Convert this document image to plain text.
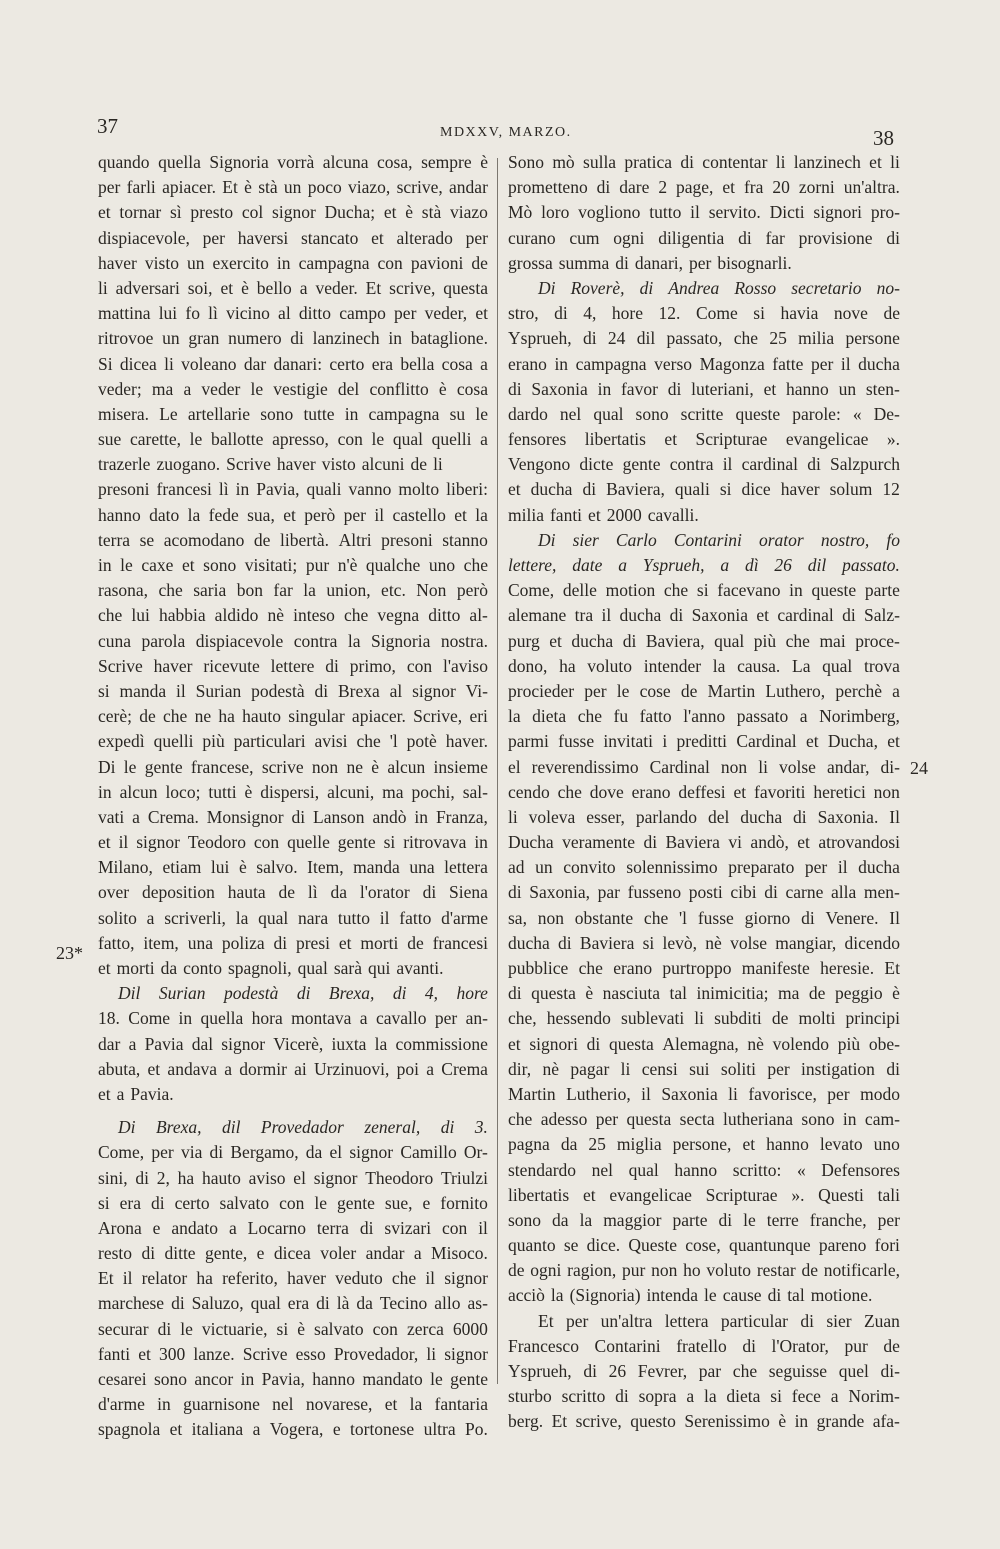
37	MDXXV, MARZO.	38
23*
24
quando quella Signoria vorrà alcuna cosa, sempre è
per farli apiacer. Et è stà un poco viazo, scrive, andar
et tornar sì presto col signor Ducha; et è stà viazo
dispiacevole, per haversi stancato et alterado per
haver visto un exercito in campagna con pavioni de
li adversari soi, et è bello a veder. Et scrive, questa
mattina lui fo lì vicino al ditto campo per veder, et
ritrovoe un gran numero di lanzinech in bataglione.
Si dicea li voleano dar danari: certo era bella cosa a
veder; ma a veder le vestigie del conflitto è cosa
misera. Le artellarie sono tutte in campagna su le
sue carette, le ballotte apresso, con le qual quelli a
trazerle zuogano. Scrive haver visto alcuni de li
presoni francesi lì in Pavia, quali vanno molto liberi:
hanno dato la fede sua, et però per il castello et la
terra se acomodano de libertà. Altri presoni stanno
in le caxe et sono visitati; pur n'è qualche uno che
rasona, che saria bon far la union, etc. Non però
che lui habbia aldido nè inteso che vegna ditto al-
cuna parola dispiacevole contra la Signoria nostra.
Scrive haver ricevute lettere di primo, con l'aviso
si manda il Surian podestà di Brexa al signor Vi-
cerè; de che ne ha hauto singular apiacer. Scrive, eri
expedì quelli più particulari avisi che 'l potè haver.
Di le gente francese, scrive non ne è alcun insieme
in alcun loco; tutti è dispersi, alcuni, ma pochi, sal-
vati a Crema. Monsignor di Lanson andò in Franza,
et il signor Teodoro con quelle gente si ritrovava in
Milano, etiam lui è salvo. Item, manda una lettera
over deposition hauta de lì da l'orator di Siena
solito a scriverli, la qual nara tutto il fatto d'arme
fatto, item, una poliza di presi et morti de francesi
et morti da conto spagnoli, qual sarà qui avanti.
Dil Surian podestà di Brexa, di 4, hore
18. Come in quella hora montava a cavallo per an-
dar a Pavia dal signor Vicerè, iuxta la commissione
abuta, et andava a dormir ai Urzinuovi, poi a Crema
et a Pavia.
Di Brexa, dil Provedador zeneral, di 3.
Come, per via di Bergamo, da el signor Camillo Or-
sini, di 2, ha hauto aviso el signor Theodoro Triulzi
si era di certo salvato con le gente sue, e fornito
Arona e andato a Locarno terra di svizari con il
resto di ditte gente, e dicea voler andar a Misoco.
Et il relator ha referito, haver veduto che il signor
marchese di Saluzo, qual era di là da Tecino allo as-
securar di le victuarie, si è salvato con zerca 6000
fanti et 300 lanze. Scrive esso Provedador, li signor
cesarei sono ancor in Pavia, hanno mandato le gente
d'arme in guarnisone nel novarese, et la fantaria
spagnola et italiana a Vogera, e tortonese ultra Po.
Sono mò sulla pratica di contentar li lanzinech et li
prometteno di dare 2 page, et fra 20 zorni un'altra.
Mò loro vogliono tutto il servito. Dicti signori pro-
curano cum ogni diligentia di far provisione di
grossa summa di danari, per bisognarli.
Di Roverè, di Andrea Rosso secretario no-
stro, di 4, hore 12. Come si havia nove de
Ysprueh, di 24 dil passato, che 25 milia persone
erano in campagna verso Magonza fatte per il ducha
di Saxonia in favor di luteriani, et hanno un sten-
dardo nel qual sono scritte queste parole: « De-
fensores libertatis et Scripturae evangelicae ».
Vengono dicte gente contra il cardinal di Salzpurch
et ducha di Baviera, quali si dice haver solum 12
milia fanti et 2000 cavalli.
Di sier Carlo Contarini orator nostro, fo
lettere, date a Ysprueh, a dì 26 dil passato.
Come, delle motion che si facevano in queste parte
alemane tra il ducha di Saxonia et cardinal di Salz-
purg et ducha di Baviera, qual più che mai proce-
dono, ha voluto intender la causa. La qual trova
procieder per le cose de Martin Luthero, perchè a
la dieta che fu fatto l'anno passato a Norimberg,
parmi fusse invitati i preditti Cardinal et Ducha, et
el reverendissimo Cardinal non li volse andar, di-
cendo che dove erano deffesi et favoriti heretici non
li voleva esser, parlando del ducha di Saxonia. Il
Ducha veramente di Baviera vi andò, et atrovandosi
ad un convito solennissimo preparato per il ducha
di Saxonia, par fusseno posti cibi di carne alla men-
sa, non obstante che 'l fusse giorno di Venere. Il
ducha di Baviera si levò, nè volse mangiar, dicendo
pubblice che erano purtroppo manifeste heresie. Et
di questa è nasciuta tal inimicitia; ma de peggio è
che, hessendo sublevati li subditi de molti principi
et signori di questa Alemagna, nè volendo più obe-
dir, nè pagar li censi sui soliti per instigation di
Martin Lutherio, il Saxonia li favorisce, per modo
che adesso per questa secta lutheriana sono in cam-
pagna da 25 miglia persone, et hanno levato uno
stendardo nel qual hanno scritto: « Defensores
libertatis et evangelicae Scripturae ». Questi tali
sono da la maggior parte di le terre franche, per
quanto se dice. Queste cose, quantunque pareno fori
de ogni ragion, pur non ho voluto restar de notificarle,
acciò la (Signoria) intenda le cause di tal motione.
Et per un'altra lettera particular di sier Zuan
Francesco Contarini fratello di l'Orator, pur de
Ysprueh, di 26 Fevrer, par che seguisse quel di-
sturbo scritto di sopra a la dieta si fece a Norim-
berg. Et scrive, questo Serenissimo è in grande afa-
